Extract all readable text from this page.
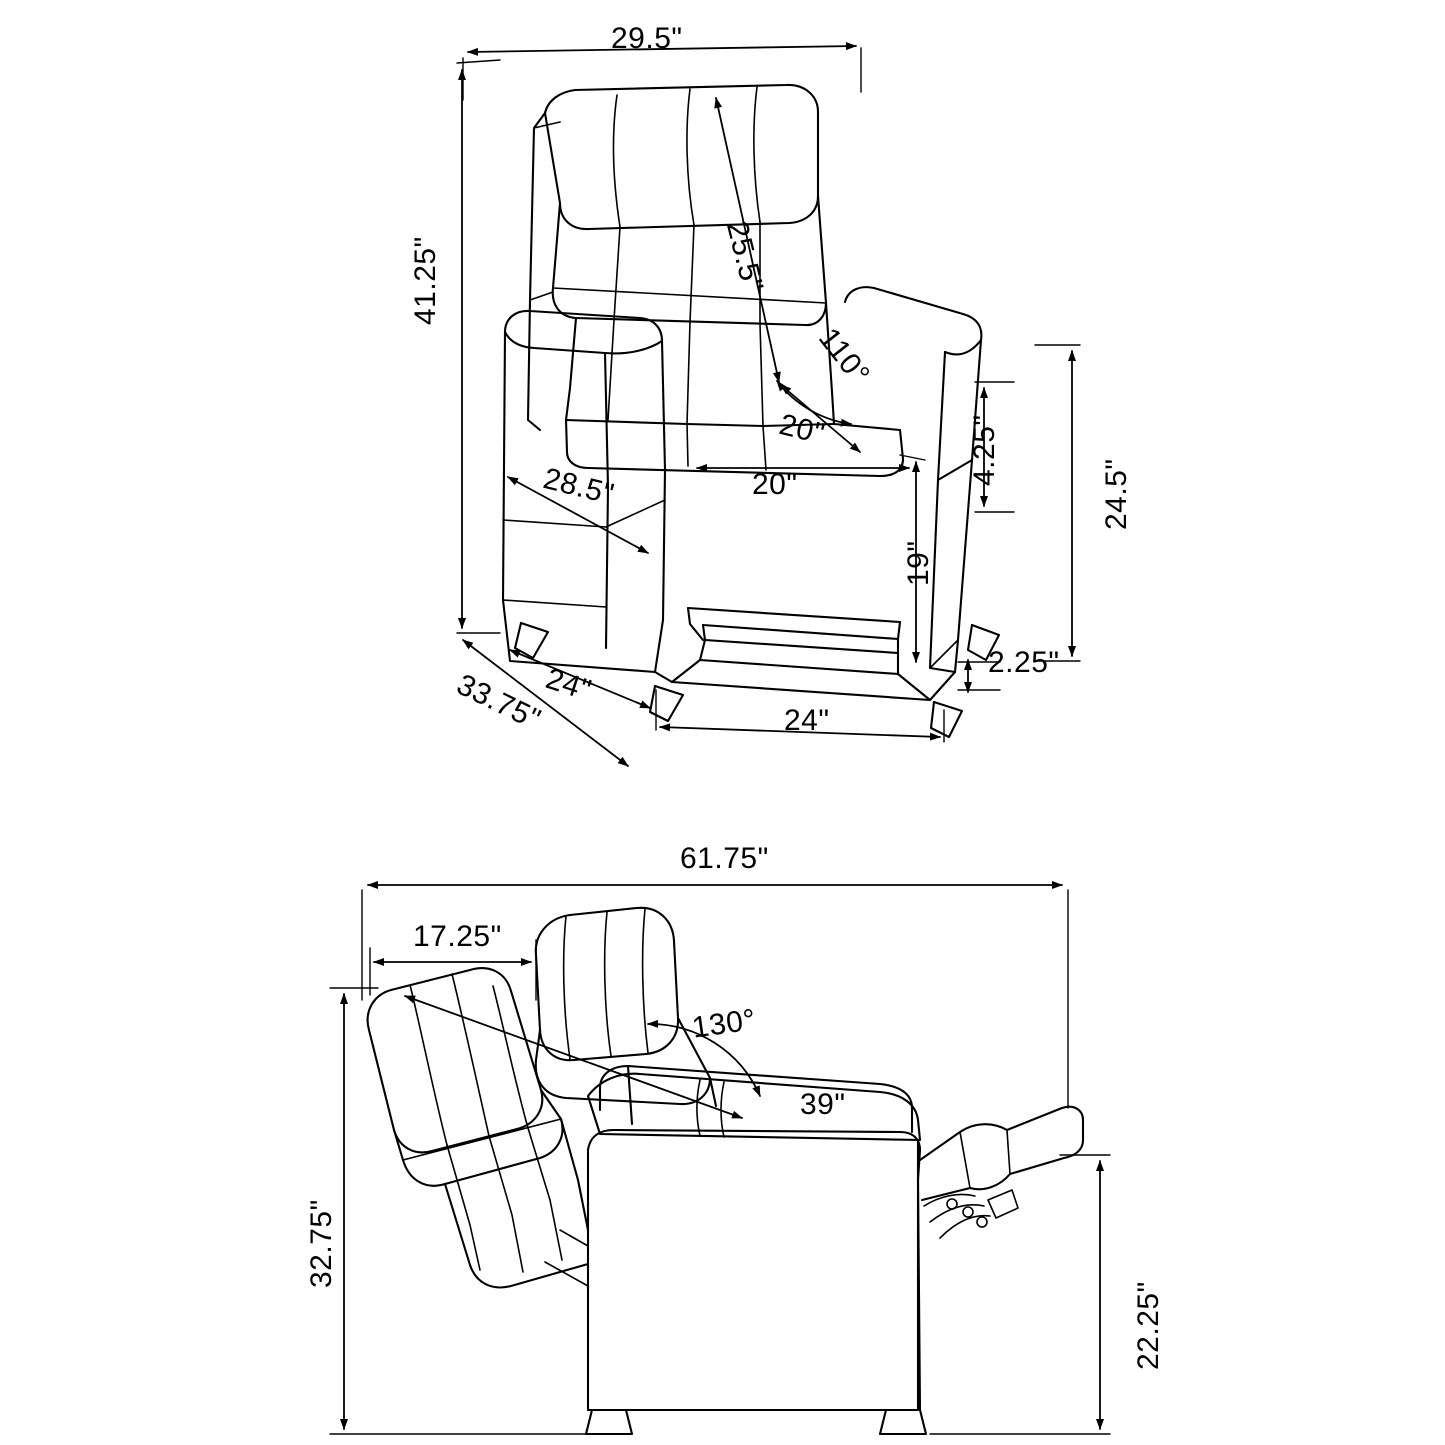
29.5"
41.25"	25.5"
110°
20"
20"	4.25"
24.5"
28.5"
19"
2.25"
33.75"
24"
24"
61.75"
17.25"
130°
39"
32.75"
22.25"
